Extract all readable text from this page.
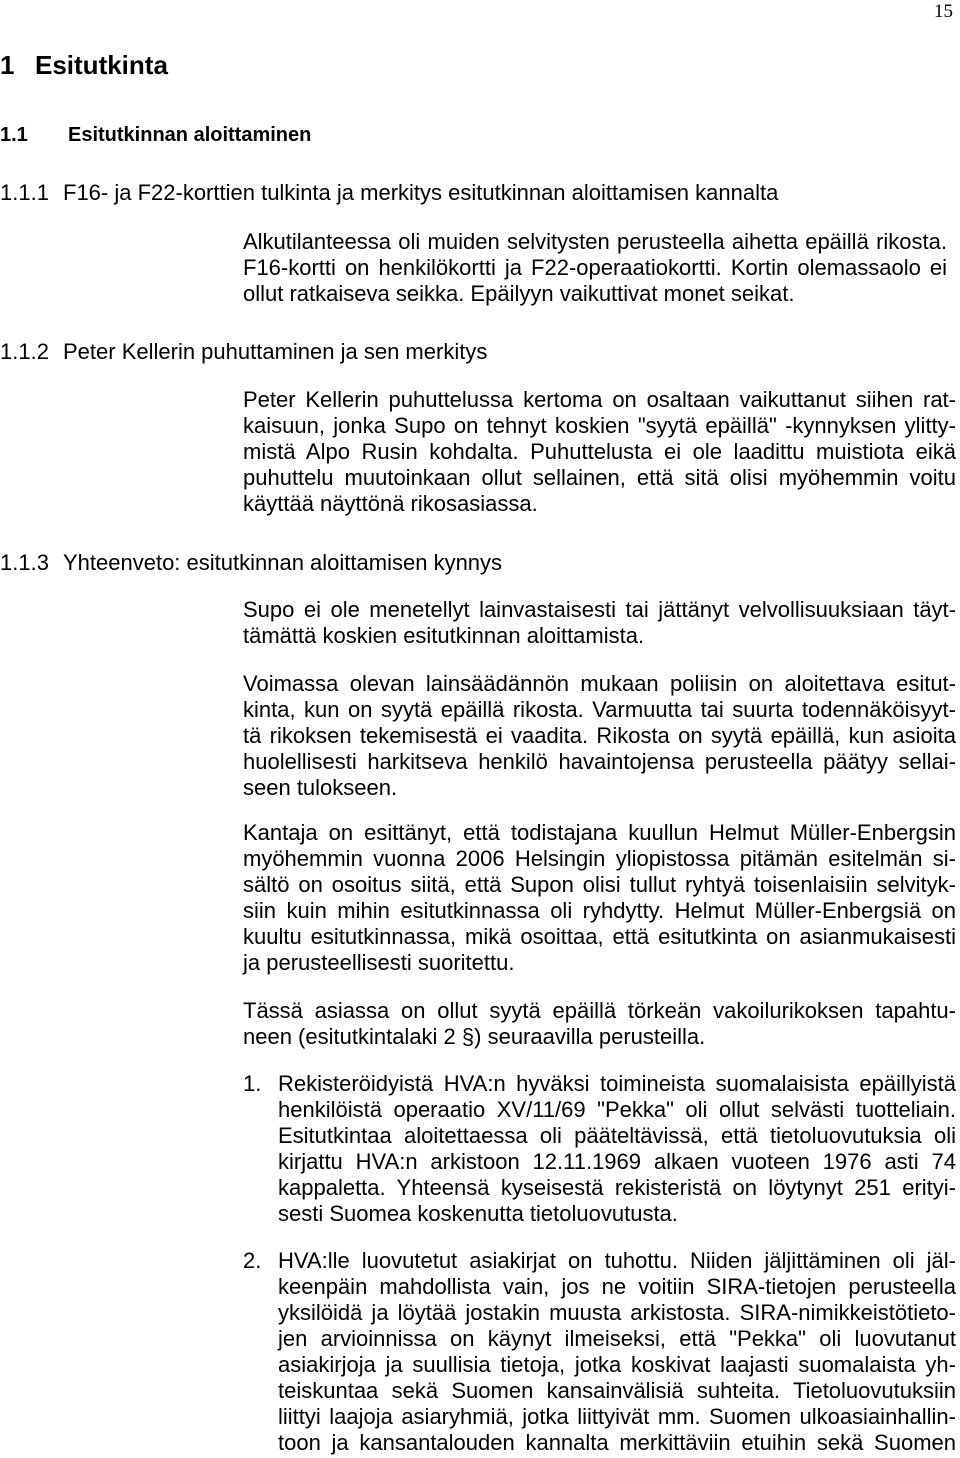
15
1 Esitutkinta
1.1 Esitutkinnan aloittaminen
1.1.1 F16- ja F22-korttien tulkinta ja merkitys esitutkinnan aloittamisen kannalta
Alkutilanteessa oli muiden selvitysten perusteella aihetta epäillä rikosta.
F16-kortti on henkilökortti ja F22-operaatiokortti. Kortin olemassaolo ei
ollut ratkaiseva seikka. Epäilyyn vaikuttivat monet seikat.
1.1.2 Peter Kellerin puhuttaminen ja sen merkitys
Peter Kellerin puhuttelussa kertoma on osaltaan vaikuttanut siihen rat-
kaisuun, jonka Supo on tehnyt koskien "syytä epäillä" -kynnyksen ylitty-
mistä Alpo Rusin kohdalta. Puhuttelusta ei ole laadittu muistiota eikä
puhuttelu muutoinkaan ollut sellainen, että sitä olisi myöhemmin voitu
käyttää näyttönä rikosasiassa.
1.1.3 Yhteenveto: esitutkinnan aloittamisen kynnys
Supo ei ole menetellyt lainvastaisesti tai jättänyt velvollisuuksiaan täyt-
tämättä koskien esitutkinnan aloittamista.
Voimassa olevan lainsäädännön mukaan poliisin on aloitettava esitut-
kinta, kun on syytä epäillä rikosta. Varmuutta tai suurta todennäköisyyt-
tä rikoksen tekemisestä ei vaadita. Rikosta on syytä epäillä, kun asioita
huolellisesti harkitseva henkilö havaintojensa perusteella päätyy sellai-
seen tulokseen.
Kantaja on esittänyt, että todistajana kuullun Helmut Müller-Enbergsin
myöhemmin vuonna 2006 Helsingin yliopistossa pitämän esitelmän si-
sältö on osoitus siitä, että Supon olisi tullut ryhtyä toisenlaisiin selvityk-
siin kuin mihin esitutkinnassa oli ryhdytty. Helmut Müller-Enbergsiä on
kuultu esitutkinnassa, mikä osoittaa, että esitutkinta on asianmukaisesti
ja perusteellisesti suoritettu.
Tässä asiassa on ollut syytä epäillä törkeän vakoilurikoksen tapahtu-
neen (esitutkintalaki 2 §) seuraavilla perusteilla.
1. Rekisteröidyistä HVA:n hyväksi toimineista suomalaisista epäillyistä
henkilöistä operaatio XV/11/69 "Pekka" oli ollut selvästi tuotteliain.
Esitutkintaa aloitettaessa oli pääteltävissä, että tietoluovutuksia oli
kirjattu HVA:n arkistoon 12.11.1969 alkaen vuoteen 1976 asti 74
kappaletta. Yhteensä kyseisestä rekisteristä on löytynyt 251 erityi-
sesti Suomea koskenutta tietoluovutusta.
2. HVA:lle luovutetut asiakirjat on tuhottu. Niiden jäljittäminen oli jäl-
keenpäin mahdollista vain, jos ne voitiin SIRA-tietojen perusteella
yksilöidä ja löytää jostakin muusta arkistosta. SIRA-nimikkeistötieto-
jen arvioinnissa on käynyt ilmeiseksi, että "Pekka" oli luovutanut
asiakirjoja ja suullisia tietoja, jotka koskivat laajasti suomalaista yh-
teiskuntaa sekä Suomen kansainvälisiä suhteita. Tietoluovutuksiin
liittyi laajoja asiaryhmiä, jotka liittyivät mm. Suomen ulkoasiainhallin-
toon ja kansantalouden kannalta merkittäviin etuihin sekä Suomen
